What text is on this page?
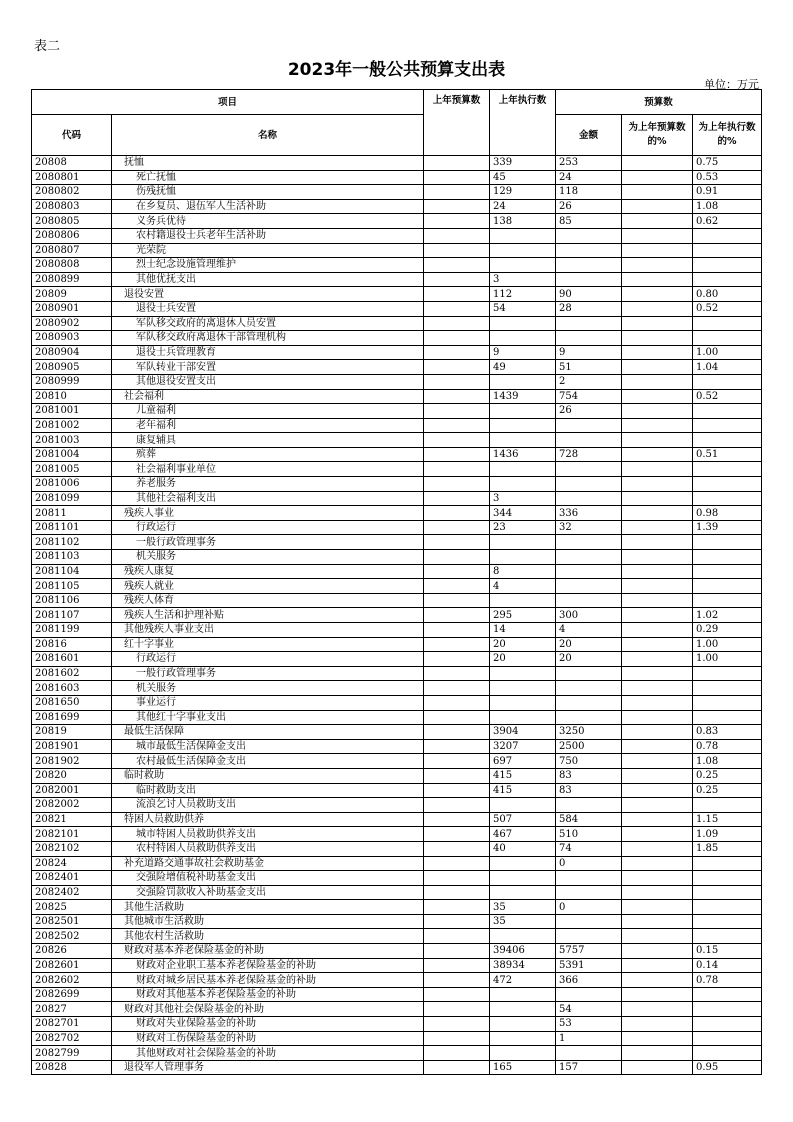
表二
2023年一般公共预算支出表
单位：万元
项目		上年预算数	上年执行数	预算数		
代码	名称			金额	为上年预算数的%	为上年执行数的%
20808	抚恤		339	253		0.75
2080801	死亡抚恤		45	24		0.53
2080802	伤残抚恤		129	118		0.91
2080803	在乡复员、退伍军人生活补助		24	26		1.08
2080805	义务兵优待		138	85		0.62
2080806	农村籍退役士兵老年生活补助					
2080807	光荣院					
2080808	烈士纪念设施管理维护					
2080899	其他优抚支出		3			
20809	退役安置		112	90		0.80
2080901	退役士兵安置		54	28		0.52
2080902	军队移交政府的离退休人员安置					
2080903	军队移交政府离退休干部管理机构					
2080904	退役士兵管理教育		9	9		1.00
2080905	军队转业干部安置		49	51		1.04
2080999	其他退役安置支出			2		
20810	社会福利		1439	754		0.52
2081001	儿童福利			26		
2081002	老年福利					
2081003	康复辅具					
2081004	殡葬		1436	728		0.51
2081005	社会福利事业单位					
2081006	养老服务					
2081099	其他社会福利支出		3			
20811	残疾人事业		344	336		0.98
2081101	行政运行		23	32		1.39
2081102	一般行政管理事务					
2081103	机关服务					
2081104	残疾人康复		8			
2081105	残疾人就业		4			
2081106	残疾人体育					
2081107	残疾人生活和护理补贴		295	300		1.02
2081199	其他残疾人事业支出		14	4		0.29
20816	红十字事业		20	20		1.00
2081601	行政运行		20	20		1.00
2081602	一般行政管理事务					
2081603	机关服务					
2081650	事业运行					
2081699	其他红十字事业支出					
20819	最低生活保障		3904	3250		0.83
2081901	城市最低生活保障金支出		3207	2500		0.78
2081902	农村最低生活保障金支出		697	750		1.08
20820	临时救助		415	83		0.25
2082001	临时救助支出		415	83		0.25
2082002	流浪乞讨人员救助支出					
20821	特困人员救助供养		507	584		1.15
2082101	城市特困人员救助供养支出		467	510		1.09
2082102	农村特困人员救助供养支出		40	74		1.85
20824	补充道路交通事故社会救助基金			0		
2082401	交强险增值税补助基金支出					
2082402	交强险罚款收入补助基金支出					
20825	其他生活救助		35	0		
2082501	其他城市生活救助		35			
2082502	其他农村生活救助					
20826	财政对基本养老保险基金的补助		39406	5757		0.15
2082601	财政对企业职工基本养老保险基金的补助		38934	5391		0.14
2082602	财政对城乡居民基本养老保险基金的补助		472	366		0.78
2082699	财政对其他基本养老保险基金的补助					
20827	财政对其他社会保险基金的补助			54		
2082701	财政对失业保险基金的补助			53		
2082702	财政对工伤保险基金的补助			1		
2082799	其他财政对社会保险基金的补助					
20828	退役军人管理事务		165	157		0.95
